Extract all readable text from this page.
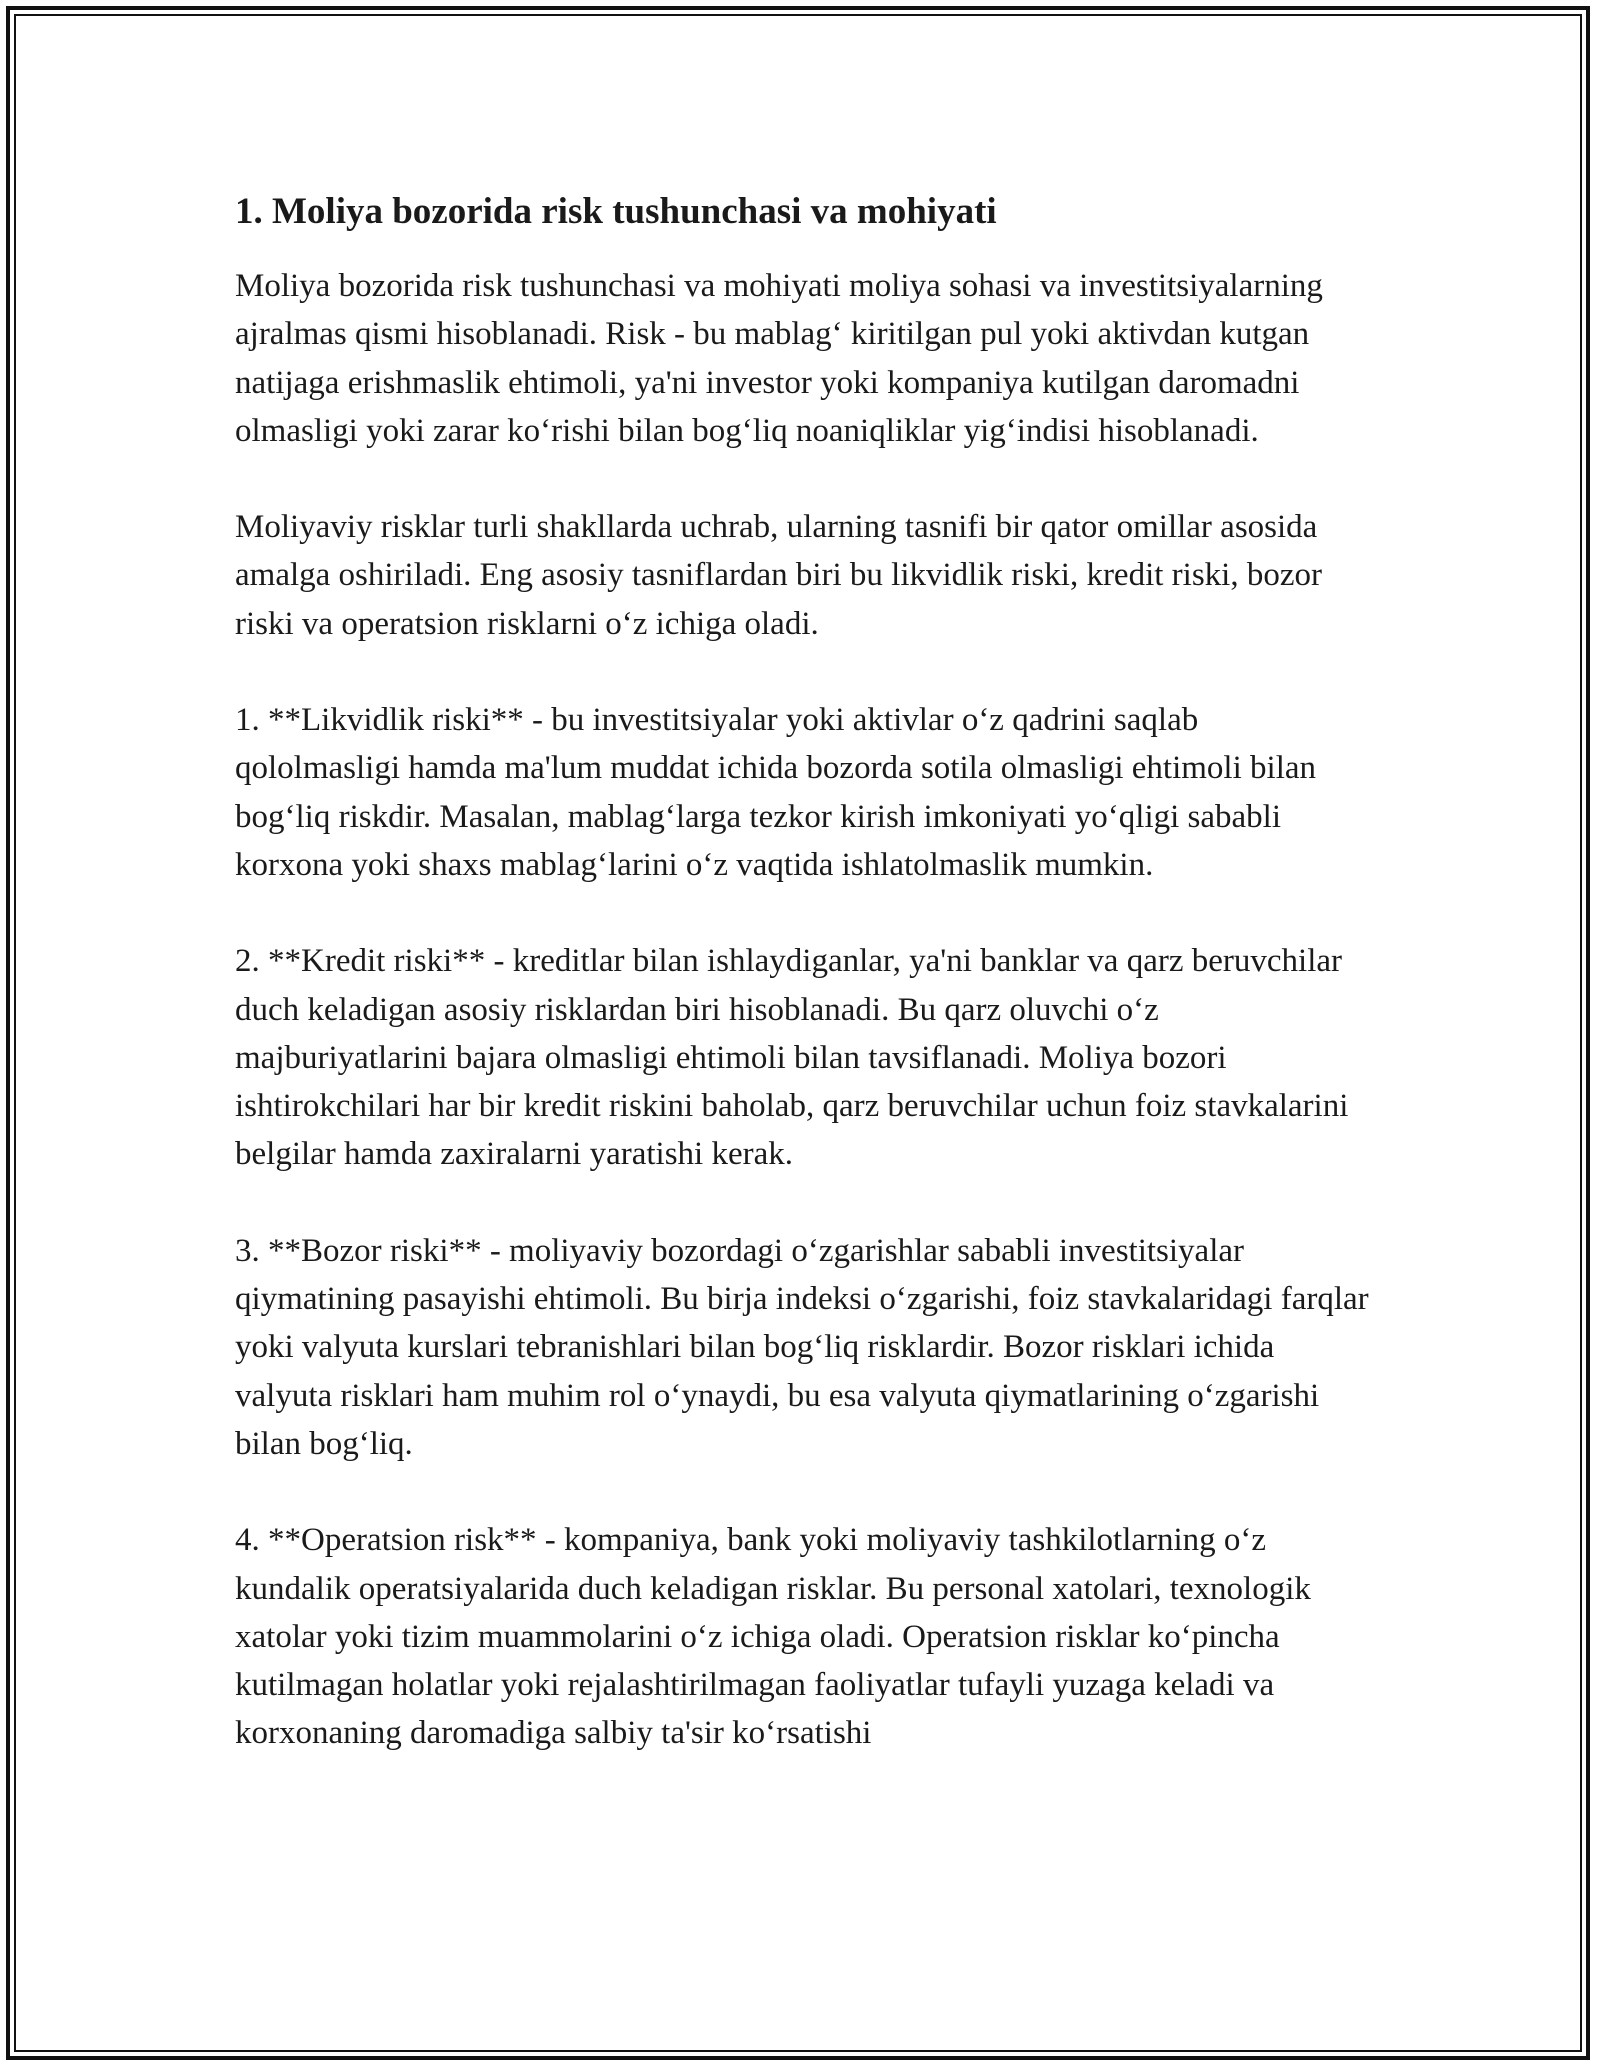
1. Moliya bozorida risk tushunchasi va mohiyati

Moliya bozorida risk tushunchasi va mohiyati moliya sohasi va investitsiyalarning ajralmas qismi hisoblanadi. Risk - bu mablag‘ kiritilgan pul yoki aktivdan kutgan natijaga erishmaslik ehtimoli, ya'ni investor yoki kompaniya kutilgan daromadni olmasligi yoki zarar ko‘rishi bilan bog‘liq noaniqliklar yig‘indisi hisoblanadi.

Moliyaviy risklar turli shakllarda uchrab, ularning tasnifi bir qator omillar asosida amalga oshiriladi. Eng asosiy tasniflardan biri bu likvidlik riski, kredit riski, bozor riski va operatsion risklarni o‘z ichiga oladi.

1. **Likvidlik riski** - bu investitsiyalar yoki aktivlar o‘z qadrini saqlab qololmasligi hamda ma'lum muddat ichida bozorda sotila olmasligi ehtimoli bilan bog‘liq riskdir. Masalan, mablag‘larga tezkor kirish imkoniyati yo‘qligi sababli korxona yoki shaxs mablag‘larini o‘z vaqtida ishlatolmaslik mumkin.

2. **Kredit riski** - kreditlar bilan ishlaydiganlar, ya'ni banklar va qarz beruvchilar duch keladigan asosiy risklardan biri hisoblanadi. Bu qarz oluvchi o‘z majburiyatlarini bajara olmasligi ehtimoli bilan tavsiflanadi. Moliya bozori ishtirokchilari har bir kredit riskini baholab, qarz beruvchilar uchun foiz stavkalarini belgilar hamda zaxiralarni yaratishi kerak.

3. **Bozor riski** - moliyaviy bozordagi o‘zgarishlar sababli investitsiyalar qiymatining pasayishi ehtimoli. Bu birja indeksi o‘zgarishi, foiz stavkalaridagi farqlar yoki valyuta kurslari tebranishlari bilan bog‘liq risklardir. Bozor risklari ichida valyuta risklari ham muhim rol o‘ynaydi, bu esa valyuta qiymatlarining o‘zgarishi bilan bog‘liq.

4. **Operatsion risk** - kompaniya, bank yoki moliyaviy tashkilotlarning o‘z kundalik operatsiyalarida duch keladigan risklar. Bu personal xatolari, texnologik xatolar yoki tizim muammolarini o‘z ichiga oladi. Operatsion risklar ko‘pincha kutilmagan holatlar yoki rejalashtirilmagan faoliyatlar tufayli yuzaga keladi va korxonaning daromadiga salbiy ta'sir ko‘rsatishi
